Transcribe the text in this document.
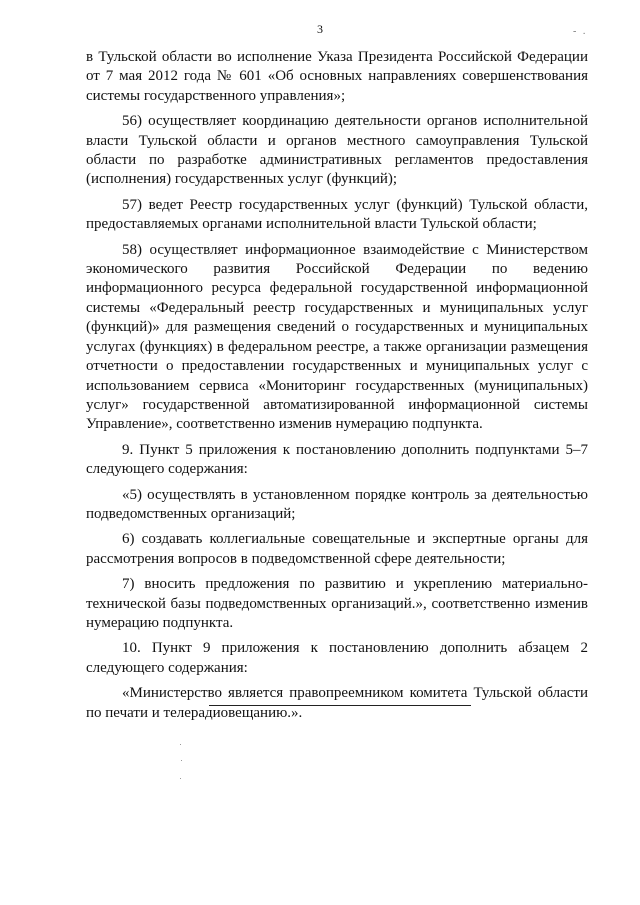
3	- .

в Тульской области во исполнение Указа Президента Российской Федерации от 7 мая 2012 года № 601 «Об основных направлениях совершенствования системы государственного управления»;

56) осуществляет координацию деятельности органов исполнительной власти Тульской области и органов местного самоуправления Тульской области по разработке административных регламентов предоставления (исполнения) государственных услуг (функций);

57) ведет Реестр государственных услуг (функций) Тульской области, предоставляемых органами исполнительной власти Тульской области;

58) осуществляет информационное взаимодействие с Министерством экономического развития Российской Федерации по ведению информационного ресурса федеральной государственной информационной системы «Федеральный реестр государственных и муниципальных услуг (функций)» для размещения сведений о государственных и муниципальных услугах (функциях) в федеральном реестре, а также организации размещения отчетности о предоставлении государственных и муниципальных услуг с использованием сервиса «Мониторинг государственных (муниципальных) услуг» государственной автоматизированной информационной системы Управление», соответственно изменив нумерацию подпункта.

9. Пункт 5 приложения к постановлению дополнить подпунктами 5–7 следующего содержания:

«5) осуществлять в установленном порядке контроль за деятельностью подведомственных организаций;

6) создавать коллегиальные совещательные и экспертные органы для рассмотрения вопросов в подведомственной сфере деятельности;

7) вносить предложения по развитию и укреплению материально-технической базы подведомственных организаций.», соответственно изменив нумерацию подпункта.

10. Пункт 9 приложения к постановлению дополнить абзацем 2 следующего содержания:

«Министерство является правопреемником комитета Тульской области по печати и телерадиовещанию.».
